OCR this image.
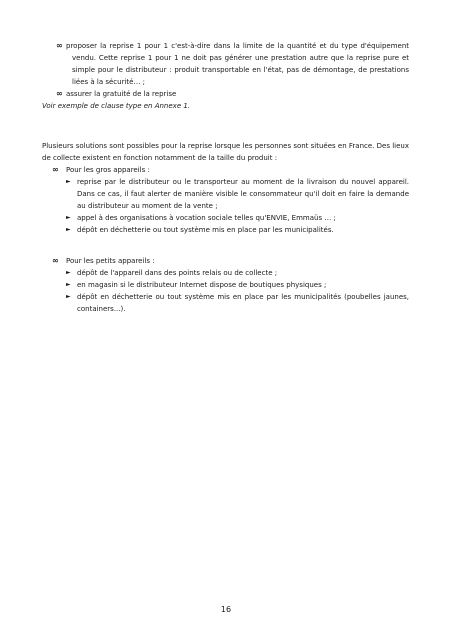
∞ proposer la reprise 1 pour 1 c'est-à-dire dans la limite de la quantité et du type d'équipement
vendu. Cette reprise 1 pour 1 ne doit pas générer une prestation autre que la reprise pure et
simple pour le distributeur : produit transportable en l'état, pas de démontage, de prestations
liées à la sécurité… ;
∞ assurer la gratuité de la reprise
Voir exemple de clause type en Annexe 1.
Plusieurs solutions sont possibles pour la reprise lorsque les personnes sont situées en France. Des lieux
de collecte existent en fonction notamment de la taille du produit :
∞ Pour les gros appareils :
► reprise par le distributeur ou le transporteur au moment de la livraison du nouvel appareil.
Dans ce cas, il faut alerter de manière visible le consommateur qu'il doit en faire la demande
au distributeur au moment de la vente ;
► appel à des organisations à vocation sociale telles qu'ENVIE, Emmaüs … ;
► dépôt en déchetterie ou tout système mis en place par les municipalités.
∞ Pour les petits appareils :
► dépôt de l'appareil dans des points relais ou de collecte ;
► en magasin si le distributeur Internet dispose de boutiques physiques ;
► dépôt en déchetterie ou tout système mis en place par les municipalités (poubelles jaunes,
containers...).
16
